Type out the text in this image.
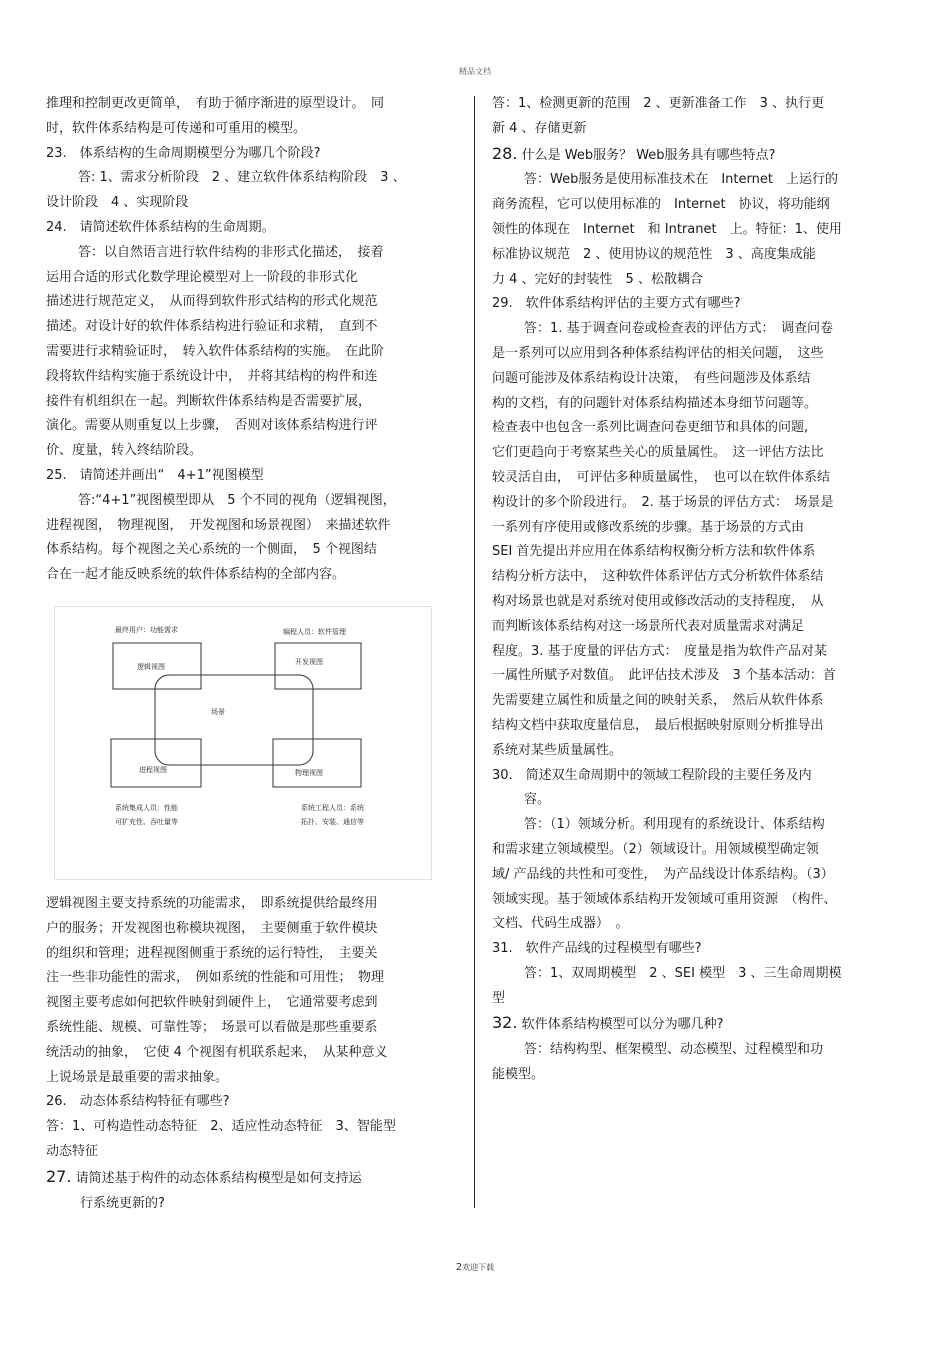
精品文档

推理和控制更改更简单，　有助于循序渐进的原型设计。　同

时，软件体系结构是可传递和可重用的模型。

23.　体系结构的生命周期模型分为哪几个阶段?

答: 1、需求分析阶段　2 、建立软件体系结构阶段　3 、

设计阶段　4 、实现阶段

24.　请简述软件体系结构的生命周期。

答：以自然语言进行软件结构的非形式化描述，　接着

运用合适的形式化数学理论模型对上一阶段的非形式化

描述进行规范定义，　从而得到软件形式结构的形式化规范

描述。对设计好的软件体系结构进行验证和求精，　直到不

需要进行求精验证时，　转入软件体系结构的实施。　在此阶

段将软件结构实施于系统设计中，　并将其结构的构件和连

接件有机组织在一起。判断软件体系结构是否需要扩展，

演化。需要从则重复以上步骤，　否则对该体系结构进行评

价、度量，转入终结阶段。

25.　请简述并画出“　4+1”视图模型

答:“4+1”视图模型即从　5 个不同的视角（逻辑视图，

进程视图，　物理视图，　开发视图和场景视图）　来描述软件

体系结构。每个视图之关心系统的一个侧面，　5 个视图结

合在一起才能反映系统的软件体系结构的全部内容。

最终用户：功能需求	编程人员：软件管理
逻辑视图
开发视图
场景
进程视图	物理视图
系统集成人员：性能
可扩充性、吞吐量等
系统工程人员：系统
拓扑、安装、通信等

逻辑视图主要支持系统的功能需求，　即系统提供给最终用

户的服务；开发视图也称模块视图，　主要侧重于软件模块

的组织和管理；进程视图侧重于系统的运行特性，　主要关

注一些非功能性的需求，　例如系统的性能和可用性；　物理

视图主要考虑如何把软件映射到硬件上，　它通常要考虑到

系统性能、规模、可靠性等；　场景可以看做是那些重要系

统活动的抽象，　它使 4 个视图有机联系起来，　从某种意义

上说场景是最重要的需求抽象。

26.　动态体系结构特征有哪些?

答：1、可构造性动态特征　2、适应性动态特征　3、智能型

动态特征

27. 请简述基于构件的动态体系结构模型是如何支持运

行系统更新的?

答：1、检测更新的范围　2 、更新准备工作　3 、执行更

新 4 、存储更新

28. 什么是 Web服务？ Web服务具有哪些特点?

答：Web服务是使用标准技术在　Internet　上运行的

商务流程，它可以使用标准的　Internet　协议，将功能纲

领性的体现在　Internet　和 Intranet　上。特征：1、使用

标准协议规范　2 、使用协议的规范性　3 、高度集成能

力 4 、完好的封装性　5 、松散耦合

29.　软件体系结构评估的主要方式有哪些?

答：1. 基于调查问卷或检查表的评估方式：　调查问卷

是一系列可以应用到各种体系结构评估的相关问题，　这些

问题可能涉及体系结构设计决策，　有些问题涉及体系结

构的文档，有的问题针对体系结构描述本身细节问题等。

检查表中也包含一系列比调查问卷更细节和具体的问题,

它们更趋向于考察某些关心的质量属性。　这一评估方法比

较灵活自由，　可评估多种质量属性，　也可以在软件体系结

构设计的多个阶段进行。　2. 基于场景的评估方式：　场景是

一系列有序使用或修改系统的步骤。基于场景的方式由

SEI 首先提出并应用在体系结构权衡分析方法和软件体系

结构分析方法中，　这种软件体系评估方式分析软件体系结

构对场景也就是对系统对使用或修改活动的支持程度，　从

而判断该体系结构对这一场景所代表对质量需求对满足

程度。3. 基于度量的评估方式：　度量是指为软件产品对某

一属性所赋予对数值。　此评估技术涉及　3 个基本活动：首

先需要建立属性和质量之间的映射关系，　然后从软件体系

结构文档中获取度量信息，　最后根据映射原则分析推导出

系统对某些质量属性。

30.　简述双生命周期中的领域工程阶段的主要任务及内

容。

答：（1）领域分析。利用现有的系统设计、体系结构

和需求建立领域模型。（2）领域设计。用领域模型确定领

域/ 产品线的共性和可变性，　为产品线设计体系结构。（3）

领域实现。基于领域体系结构开发领域可重用资源　（构件、

文档、代码生成器）　。

31.　软件产品线的过程模型有哪些?

答：1、双周期模型　2 、SEI 模型　3 、三生命周期模

型

32. 软件体系结构模型可以分为哪几种?

答：结构构型、框架模型、动态模型、过程模型和功

能模型。

2欢迎下载
